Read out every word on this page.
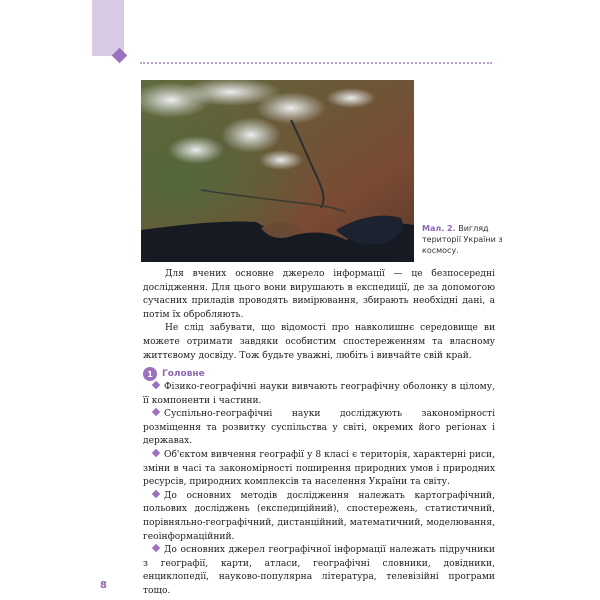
Мал. 2. Вигляд території України з космосу.

Для вчених основне джерело інформації — це безпосередні дослідження. Для цього вони вирушають в експедиції, де за допомогою сучасних приладів проводять вимірювання, збирають необхідні дані, а потім їх обробляють.

Не слід забувати, що відомості про навколишнє середовище ви можете отримати завдяки особистим спостереженням та власному життєвому досвіду. Тож будьте уважні, любіть і вивчайте свій край.

1	Головне
Фізико-географічні науки вивчають географічну оболонку в цілому, її компоненти і частини.
Суспільно-географічні науки досліджують закономірності розміщення та розвитку суспільства у світі, окремих його регіонах і державах.
Об'єктом вивчення географії у 8 класі є територія, характерні риси, зміни в часі та закономірності поширення природних умов і природних ресурсів, природних комплексів та населення України та світу.
До основних методів дослідження належать картографічний, польових досліджень (експедиційний), спостережень, статистичний, порівняльно-географічний, дистанційний, математичний, моделювання, геоінформаційний.
До основних джерел географічної інформації належать підручники з географії, карти, атласи, географічні словники, довідники, енциклопедії, науково-популярна література, телевізійні програми тощо.
8
